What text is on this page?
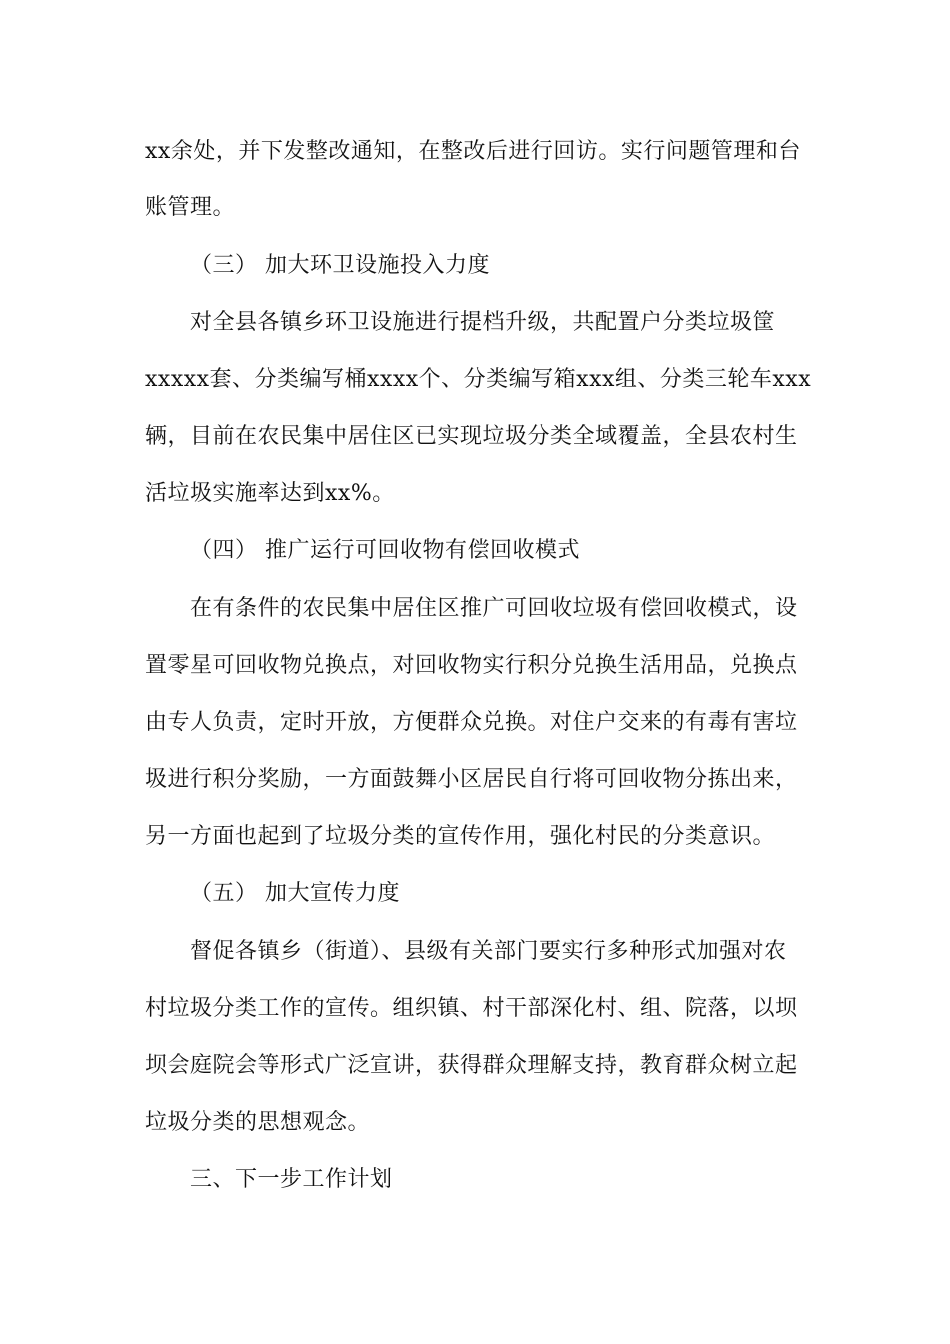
xx余处，并下发整改通知，在整改后进行回访。实行问题管理和台
账管理。
（三） 加大环卫设施投入力度
对全县各镇乡环卫设施进行提档升级，共配置户分类垃圾筐
xxxxx套、分类编写桶xxxx个、分类编写箱xxx组、分类三轮车xxx
辆，目前在农民集中居住区已实现垃圾分类全域覆盖，全县农村生
活垃圾实施率达到xx%。
（四） 推广运行可回收物有偿回收模式
在有条件的农民集中居住区推广可回收垃圾有偿回收模式，设
置零星可回收物兑换点，对回收物实行积分兑换生活用品，兑换点
由专人负责，定时开放，方便群众兑换。对住户交来的有毒有害垃
圾进行积分奖励，一方面鼓舞小区居民自行将可回收物分拣出来，
另一方面也起到了垃圾分类的宣传作用，强化村民的分类意识。
（五） 加大宣传力度
督促各镇乡（街道）、县级有关部门要实行多种形式加强对农
村垃圾分类工作的宣传。组织镇、村干部深化村、组、院落，以坝
坝会庭院会等形式广泛宣讲，获得群众理解支持，教育群众树立起
垃圾分类的思想观念。
三、下一步工作计划
